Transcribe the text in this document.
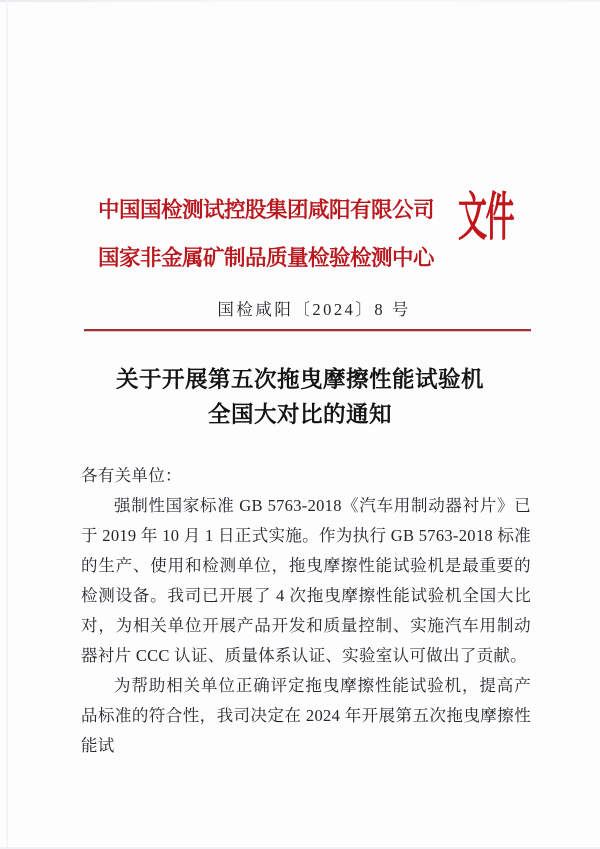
中国国检测试控股集团咸阳有限公司
国家非金属矿制品质量检验检测中心
文件
国检咸阳〔2024〕8 号
关于开展第五次拖曳摩擦性能试验机
全国大对比的通知
各有关单位：

强制性国家标准 GB 5763-2018《汽车用制动器衬片》已于 2019 年 10 月 1 日正式实施。作为执行 GB 5763-2018 标准的生产、使用和检测单位，拖曳摩擦性能试验机是最重要的检测设备。我司已开展了 4 次拖曳摩擦性能试验机全国大比对，为相关单位开展产品开发和质量控制、实施汽车用制动器衬片 CCC 认证、质量体系认证、实验室认可做出了贡献。

为帮助相关单位正确评定拖曳摩擦性能试验机，提高产品标准的符合性，我司决定在 2024 年开展第五次拖曳摩擦性能试
